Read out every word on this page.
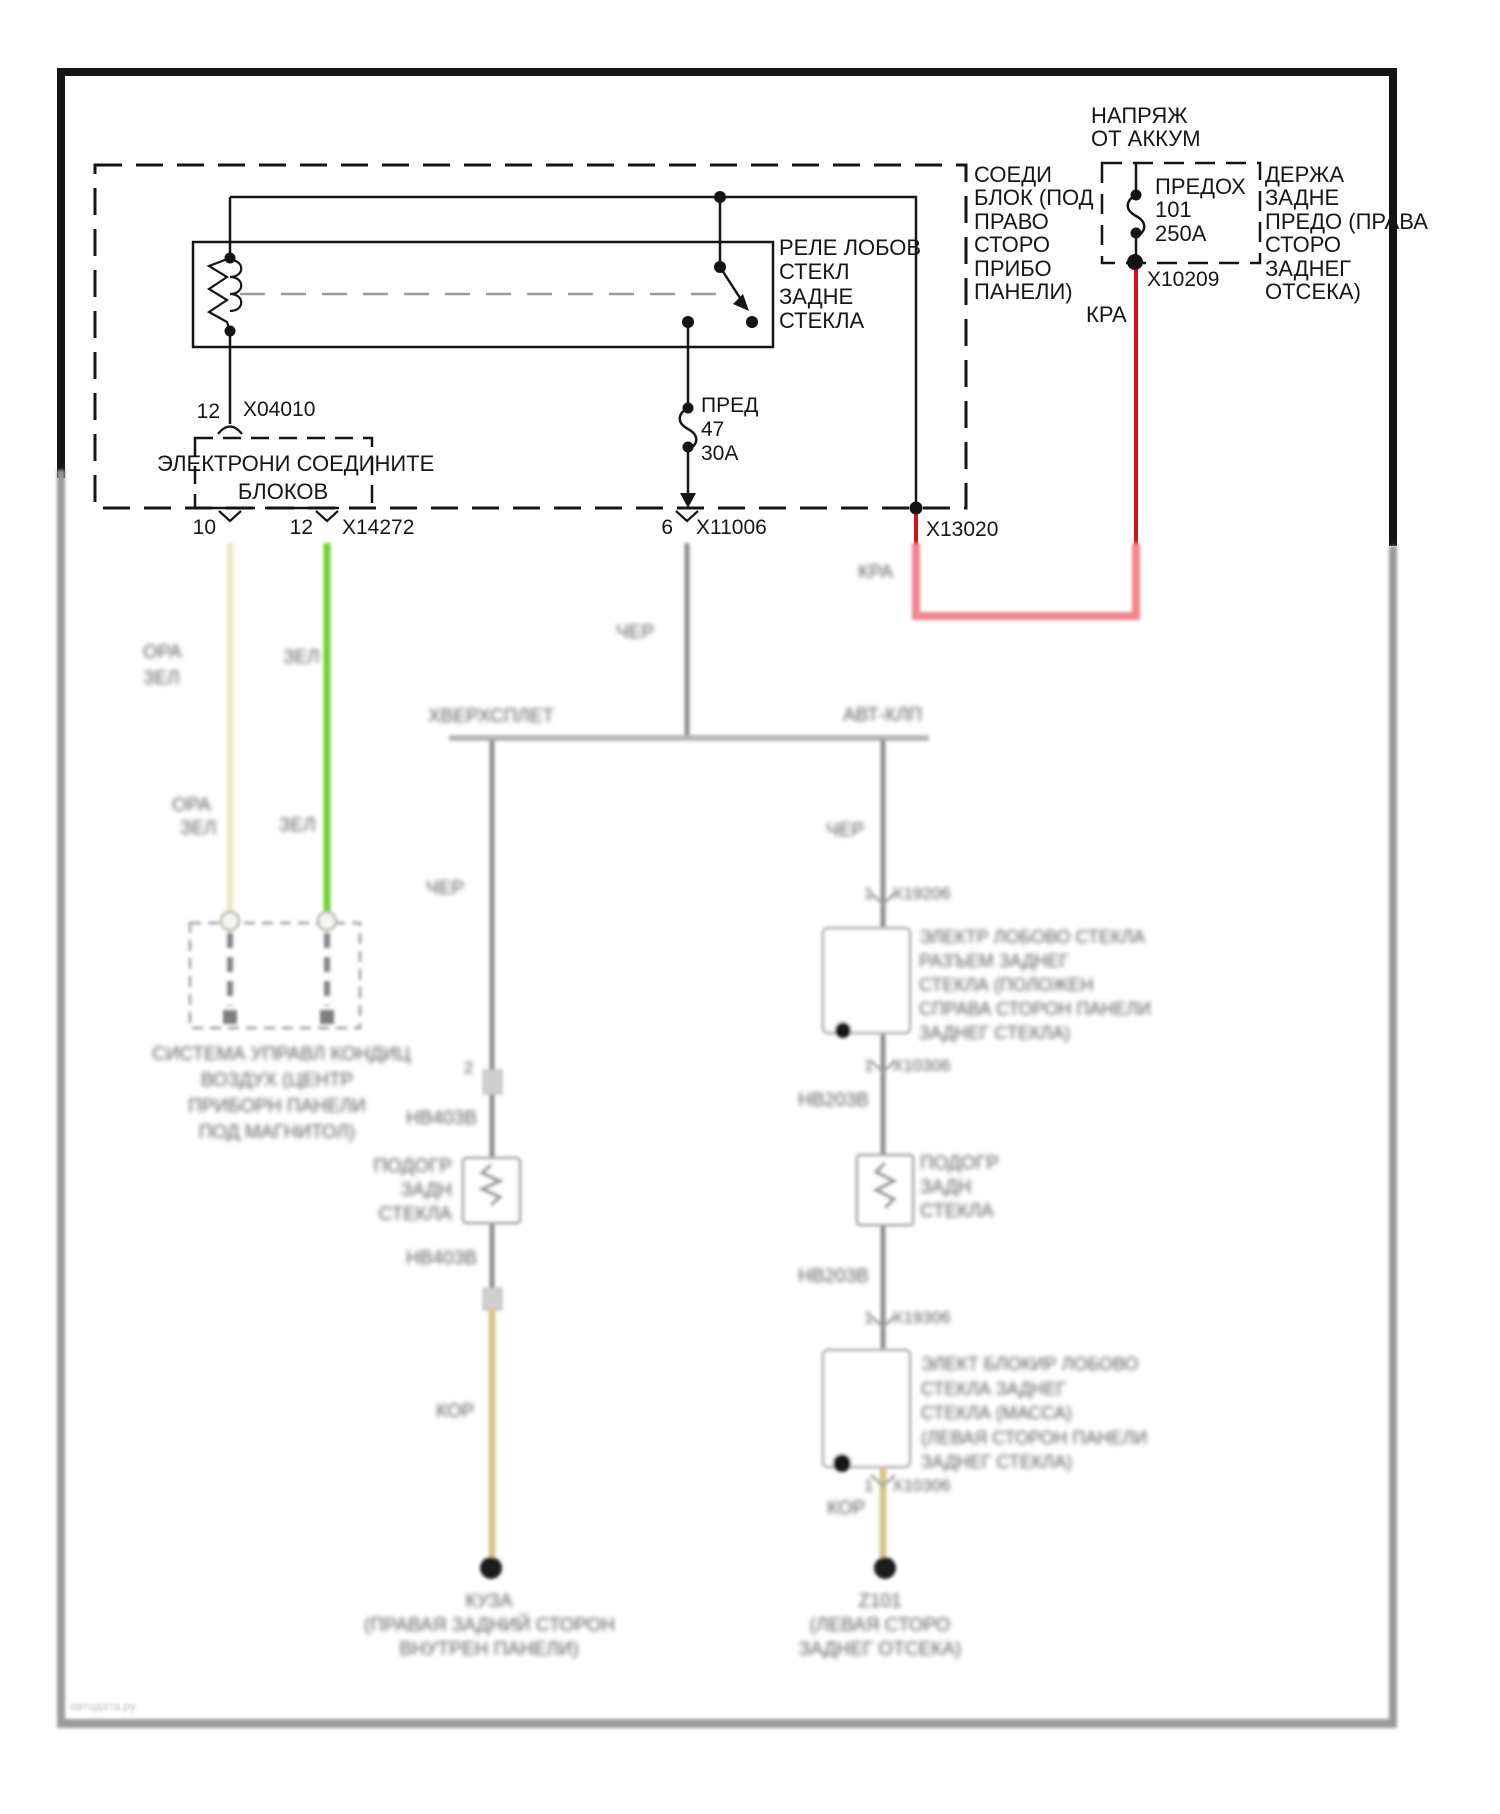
НАПРЯЖ
ОТ АККУМ
ПРЕДОХ
101
250А
Х10209
ДЕРЖА
ЗАДНЕ
ПРЕДО (ПРАВА
СТОРО
ЗАДНЕГ
ОТСЕКА)
КРА
СОЕДИ
БЛОК (ПОД
ПРАВО
СТОРО
ПРИБО
ПАНЕЛИ)
РЕЛЕ ЛОБОВ
СТЕКЛ
ЗАДНЕ
СТЕКЛА
ПРЕД
47
30А
12 Х04010
ЭЛЕКТРОНИ СОЕДИНИТЕ
БЛОКОВ
10	12 Х14272	6 Х11006	Х13020
ОРА
ЗЕЛ
ЗЕЛ
ЧЕР
КРА
ХВЕРХСПЛЕТ	АВТ-КЛП
ОРА
ЗЕЛ	ЗЕЛ
ЧЕР
ЧЕР
1 Х19206
1 Х10306
1 Х19306
1 Х10306
2
НВ403В
НВ403В
НВ203В
НВ203В
СИСТЕМА УПРАВЛ КОНДИЦ
ВОЗДУХ (ЦЕНТР
ПРИБОРН ПАНЕЛИ
ПОД МАГНИТОЛ)
ПОДОГР
ЗАДН
СТЕКЛА
ПОДОГР
ЗАДН
СТЕКЛА
ЭЛЕКТР ЛОБОВО СТЕКЛА
РАЗЪЕМ ЗАДНЕГ
СТЕКЛА (ПОЛОЖЕН
СПРАВА СТОРОН ПАНЕЛИ
ЗАДНЕГ СТЕКЛА)
ЭЛЕКТ БЛОКИР ЛОБОВО
СТЕКЛА ЗАДНЕГ
СТЕКЛА (МАССА)
(ЛЕВАЯ СТОРОН ПАНЕЛИ
ЗАДНЕГ СТЕКЛА)
КОР
КОР
КУЗА
(ПРАВАЯ ЗАДНИЙ СТОРОН
ВНУТРЕН ПАНЕЛИ)
Z101
(ЛЕВАЯ СТОРО
ЗАДНЕГ ОТСЕКА)
автодата.ру
